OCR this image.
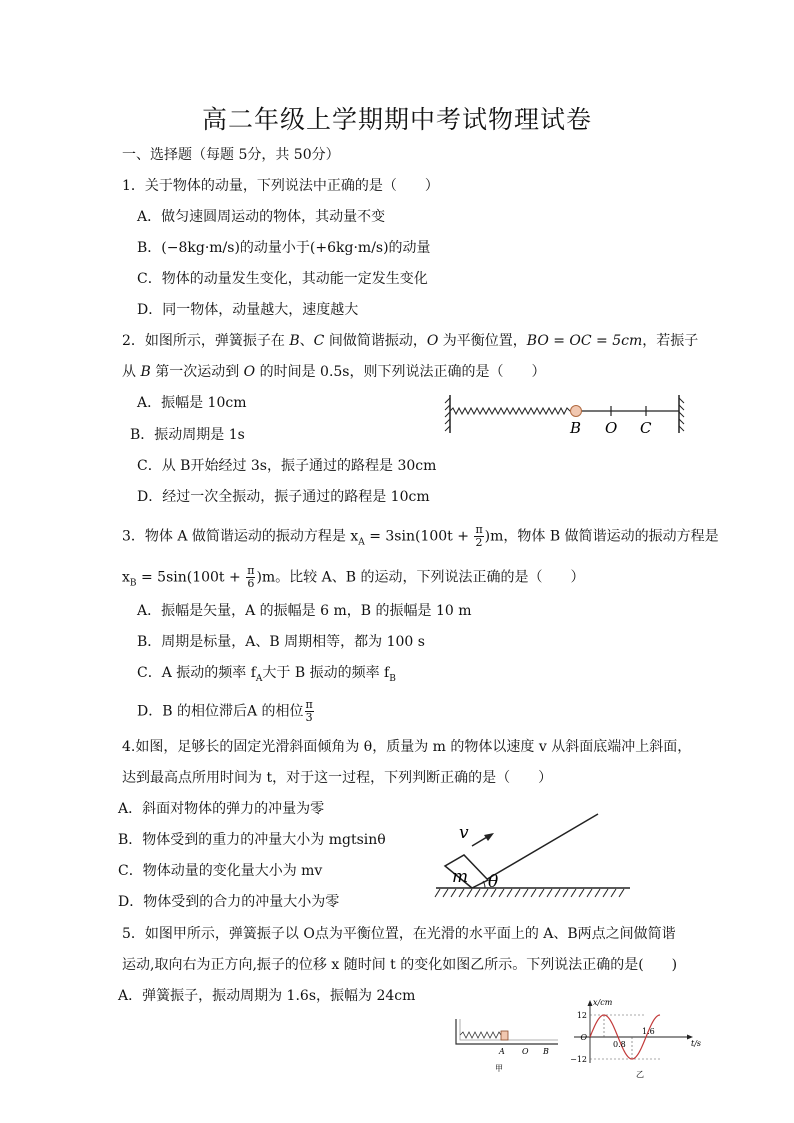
高二年级上学期期中考试物理试卷
一、选择题（每题 5分，共 50分）
1．关于物体的动量，下列说法中正确的是（　　）
A．做匀速圆周运动的物体，其动量不变
B．(−8kg·m/s)的动量小于(+6kg·m/s)的动量
C．物体的动量发生变化，其动能一定发生变化
D．同一物体，动量越大，速度越大
2．如图所示，弹簧振子在 B、C 间做简谐振动，O 为平衡位置，BO = OC = 5cm，若振子
从 B 第一次运动到 O 的时间是 0.5s，则下列说法正确的是（　　）
A．振幅是 10cm
B．振动周期是 1s
C．从 B开始经过 3s，振子通过的路程是 30cm
D．经过一次全振动，振子通过的路程是 10cm
B O C
3．物体 A 做简谐运动的振动方程是 $x_A = 3\sin(100t + \frac{\pi}{2} )m$，物体 B 做简谐运动的振动方程是
$x_B = 5\sin(100t + \frac{\pi}{6} )m$。比较 A、B 的运动，下列说法正确的是（　　）
A．振幅是矢量，A 的振幅是 6 m，B 的振幅是 10 m
B．周期是标量，A、B 周期相等，都为 100 s
C．A 振动的频率 $f_A$大于 B 振动的频率 $f_B$
D．B 的相位滞后A 的相位 $\frac{\pi}{3}$
4.如图，足够长的固定光滑斜面倾角为 θ，质量为 m 的物体以速度 v 从斜面底端冲上斜面，
达到最高点所用时间为 t，对于这一过程，下列判断正确的是（　　）
A．斜面对物体的弹力的冲量为零
B．物体受到的重力的冲量大小为 mgtsinθ
C．物体动量的变化量大小为 mv
D．物体受到的合力的冲量大小为零
m θ
v
5．如图甲所示，弹簧振子以 O点为平衡位置，在光滑的水平面上的 A、B两点之间做简谐
运动,取向右为正方向,振子的位移 x 随时间 t 的变化如图乙所示。下列说法正确的是(　　)
A．弹簧振子，振动周期为 1.6s，振幅为 24cm
A O B
甲
x/cm
t/s
12
−12
O
0.8
1.6
乙
